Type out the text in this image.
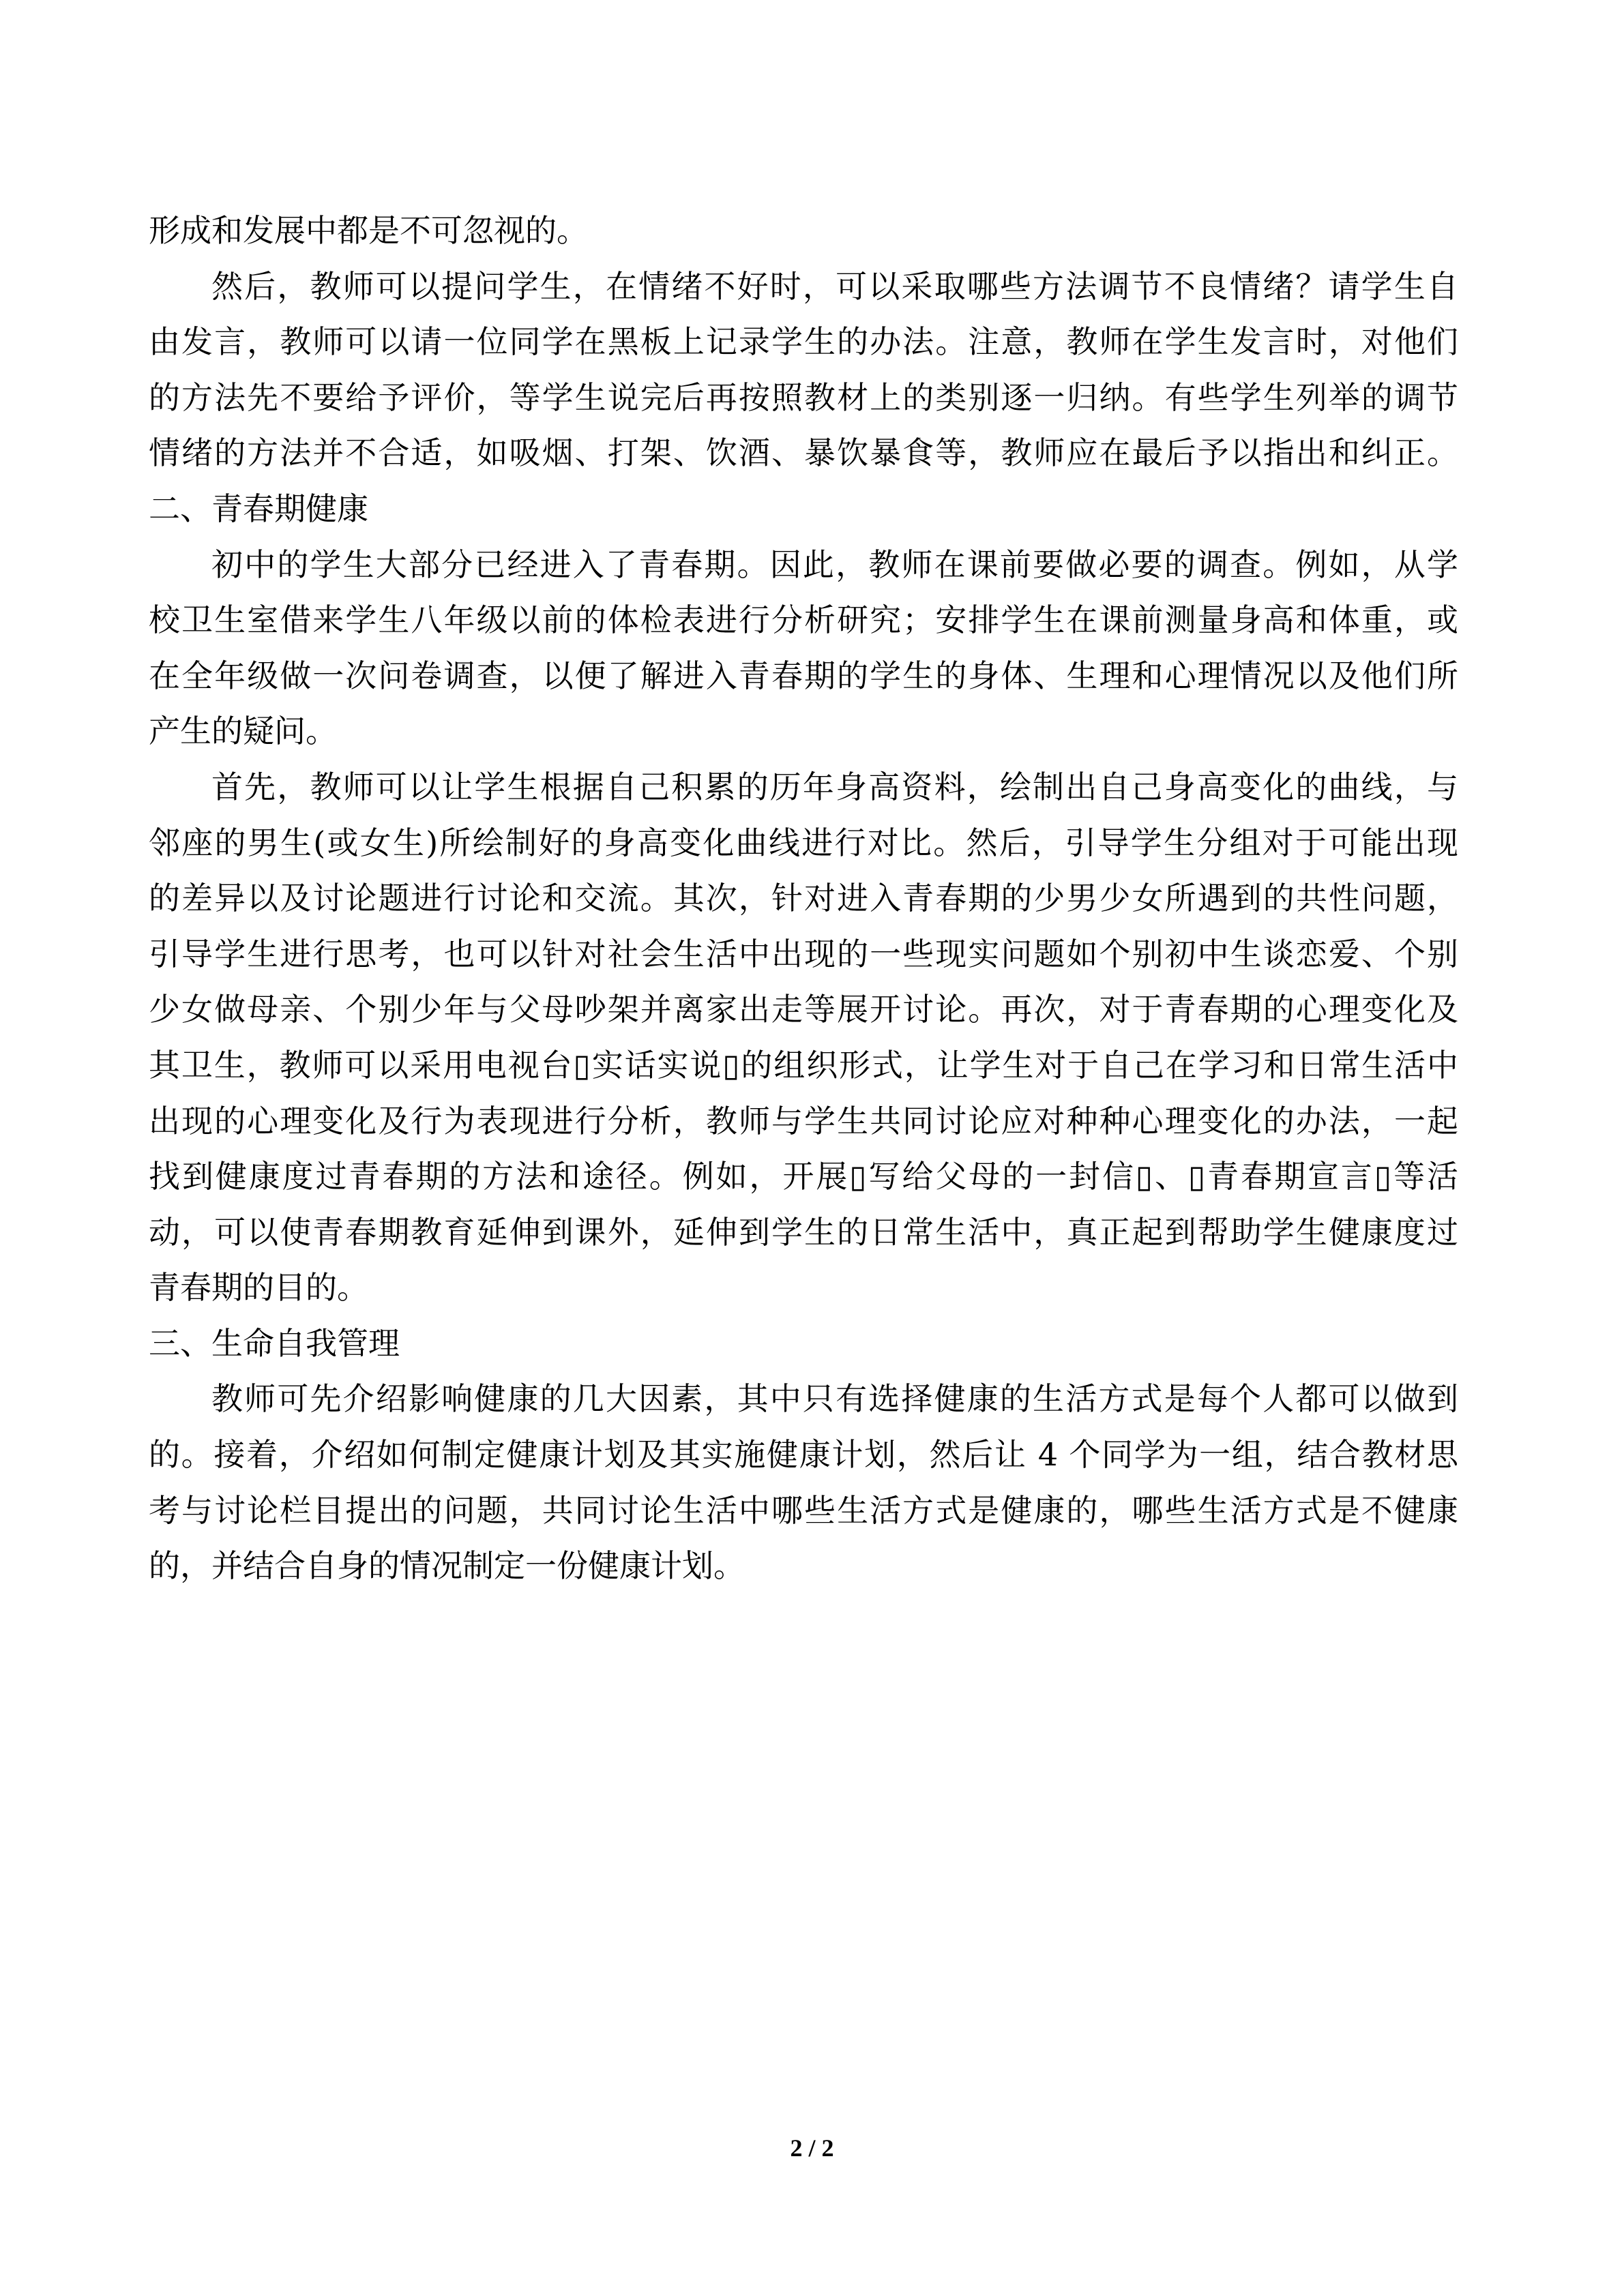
形成和发展中都是不可忽视的。
然后，教师可以提问学生，在情绪不好时，可以采取哪些方法调节不良情绪？请学生自
由发言，教师可以请一位同学在黑板上记录学生的办法。注意，教师在学生发言时，对他们
的方法先不要给予评价，等学生说完后再按照教材上的类别逐一归纳。有些学生列举的调节
情绪的方法并不合适，如吸烟、打架、饮酒、暴饮暴食等，教师应在最后予以指出和纠正。
二、青春期健康
初中的学生大部分已经进入了青春期。因此，教师在课前要做必要的调查。例如，从学
校卫生室借来学生八年级以前的体检表进行分析研究；安排学生在课前测量身高和体重，或
在全年级做一次问卷调查，以便了解进入青春期的学生的身体、生理和心理情况以及他们所
产生的疑问。
首先，教师可以让学生根据自己积累的历年身高资料，绘制出自己身高变化的曲线，与
邻座的男生(或女生)所绘制好的身高变化曲线进行对比。然后，引导学生分组对于可能出现
的差异以及讨论题进行讨论和交流。其次，针对进入青春期的少男少女所遇到的共性问题，
引导学生进行思考，也可以针对社会生活中出现的一些现实问题如个别初中生谈恋爱、个别
少女做母亲、个别少年与父母吵架并离家出走等展开讨论。再次，对于青春期的心理变化及
其卫生，教师可以采用电视台▯实话实说▯的组织形式，让学生对于自己在学习和日常生活中
出现的心理变化及行为表现进行分析，教师与学生共同讨论应对种种心理变化的办法，一起
找到健康度过青春期的方法和途径。例如，开展▯写给父母的一封信▯、▯青春期宣言▯等活
动，可以使青春期教育延伸到课外，延伸到学生的日常生活中，真正起到帮助学生健康度过
青春期的目的。
三、生命自我管理
教师可先介绍影响健康的几大因素，其中只有选择健康的生活方式是每个人都可以做到
的。接着，介绍如何制定健康计划及其实施健康计划，然后让 4 个同学为一组，结合教材思
考与讨论栏目提出的问题，共同讨论生活中哪些生活方式是健康的，哪些生活方式是不健康
的，并结合自身的情况制定一份健康计划。
2 / 2
